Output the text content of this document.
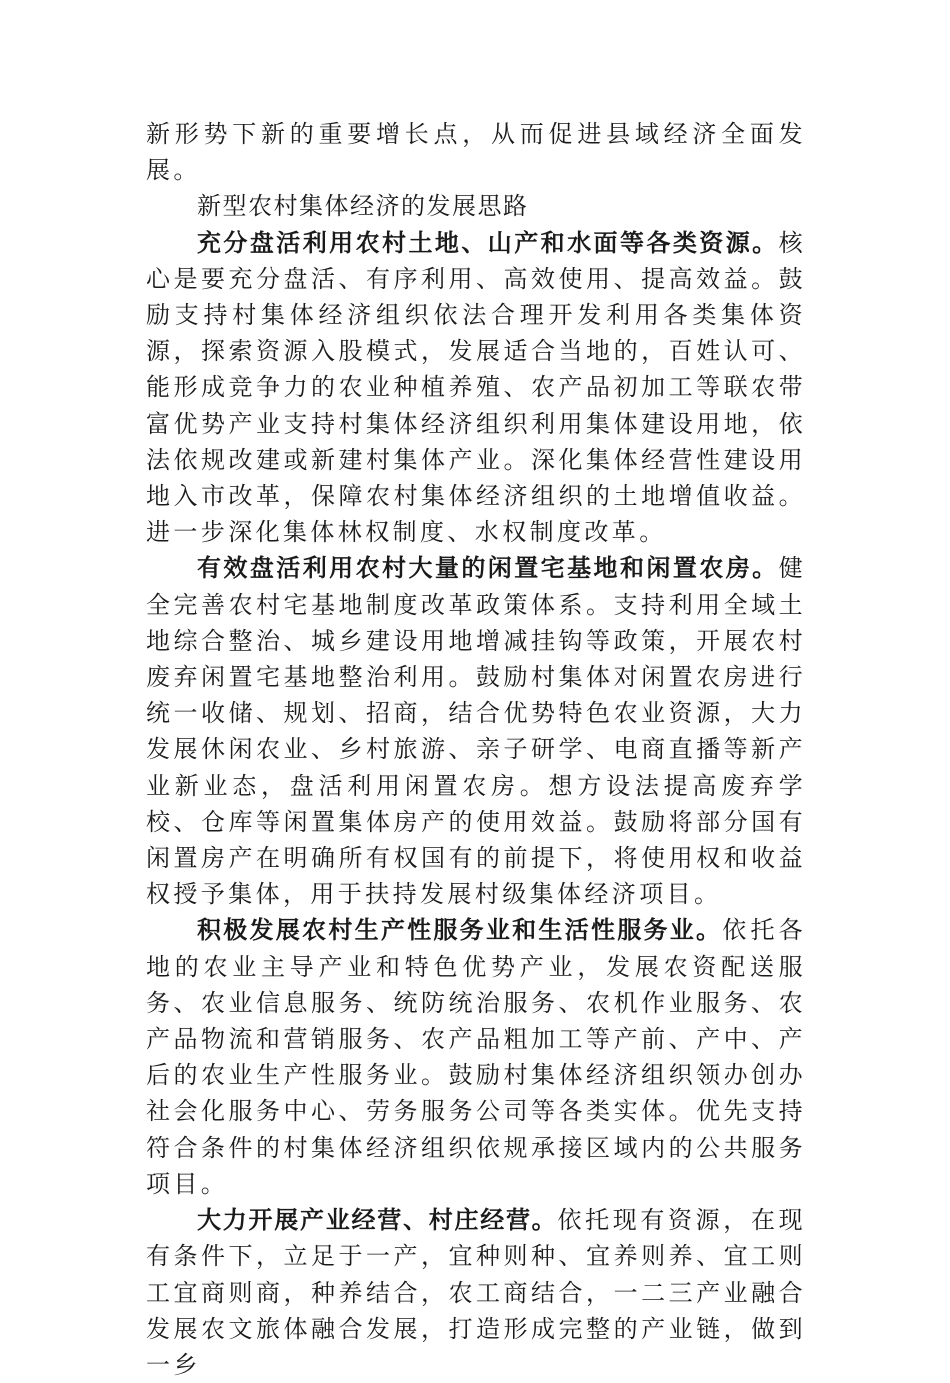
新形势下新的重要增长点，从而促进县域经济全面发展。

新型农村集体经济的发展思路

充分盘活利用农村土地、山产和水面等各类资源。核心是要充分盘活、有序利用、高效使用、提高效益。鼓励支持村集体经济组织依法合理开发利用各类集体资源，探索资源入股模式，发展适合当地的，百姓认可、能形成竞争力的农业种植养殖、农产品初加工等联农带富优势产业支持村集体经济组织利用集体建设用地，依法依规改建或新建村集体产业。深化集体经营性建设用地入市改革，保障农村集体经济组织的土地增值收益。进一步深化集体林权制度、水权制度改革。

有效盘活利用农村大量的闲置宅基地和闲置农房。健全完善农村宅基地制度改革政策体系。支持利用全域土地综合整治、城乡建设用地增减挂钩等政策，开展农村废弃闲置宅基地整治利用。鼓励村集体对闲置农房进行统一收储、规划、招商，结合优势特色农业资源，大力发展休闲农业、乡村旅游、亲子研学、电商直播等新产业新业态，盘活利用闲置农房。想方设法提高废弃学校、仓库等闲置集体房产的使用效益。鼓励将部分国有闲置房产在明确所有权国有的前提下，将使用权和收益权授予集体，用于扶持发展村级集体经济项目。

积极发展农村生产性服务业和生活性服务业。依托各地的农业主导产业和特色优势产业，发展农资配送服务、农业信息服务、统防统治服务、农机作业服务、农产品物流和营销服务、农产品粗加工等产前、产中、产后的农业生产性服务业。鼓励村集体经济组织领办创办社会化服务中心、劳务服务公司等各类实体。优先支持符合条件的村集体经济组织依规承接区域内的公共服务项目。

大力开展产业经营、村庄经营。依托现有资源，在现有条件下，立足于一产，宜种则种、宜养则养、宜工则工宜商则商，种养结合，农工商结合，一二三产业融合发展农文旅体融合发展，打造形成完整的产业链，做到一乡
